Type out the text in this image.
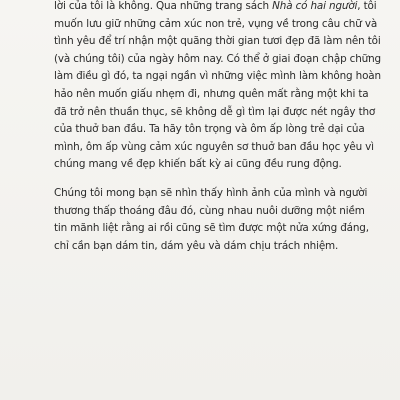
lời của tôi là không. Qua những trang sách Nhà có hai người, tôi
muốn lưu giữ những cảm xúc non trẻ, vụng về trong câu chữ và
tình yêu để trí nhận một quãng thời gian tươi đẹp đã làm nên tôi
(và chúng tôi) của ngày hôm nay. Có thể ở giai đoạn chập chững
làm điều gì đó, ta ngại ngần vì những việc mình làm không hoàn
hảo nên muốn giấu nhẹm đi, nhưng quên mất rằng một khi ta
đã trở nên thuần thục, sẽ không dễ gì tìm lại được nét ngây thơ
của thuở ban đầu. Ta hãy tôn trọng và ôm ấp lòng trẻ dại của
mình, ôm ấp vùng cảm xúc nguyên sơ thuở ban đầu học yêu vì
chúng mang về đẹp khiến bất kỳ ai cũng đều rung động.

Chúng tôi mong bạn sẽ nhìn thấy hình ảnh của mình và người
thương thấp thoáng đâu đó, cùng nhau nuôi dưỡng một niềm
tin mãnh liệt rằng ai rồi cũng sẽ tìm được một nửa xứng đáng,
chỉ cần bạn dám tin, dám yêu và dám chịu trách nhiệm.
